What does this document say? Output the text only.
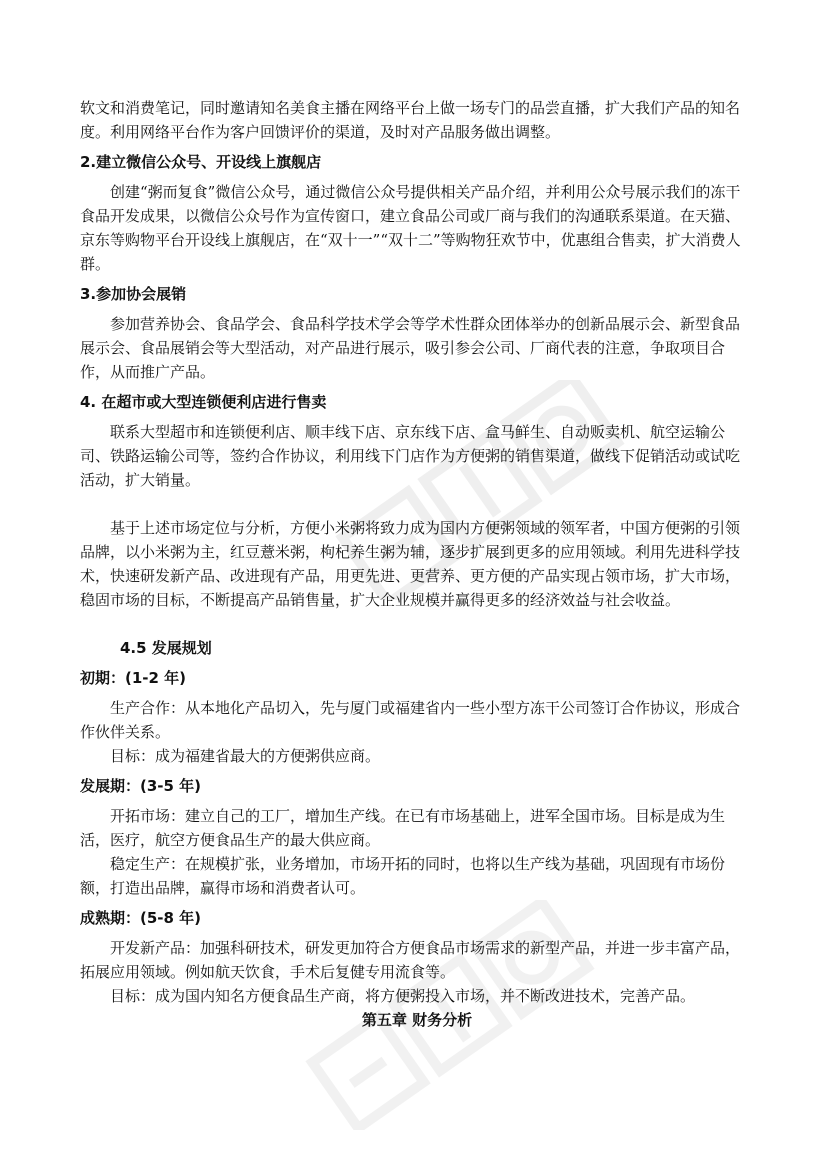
软文和消费笔记，同时邀请知名美食主播在网络平台上做一场专门的品尝直播，扩大我们产品的知名度。利用网络平台作为客户回馈评价的渠道，及时对产品服务做出调整。

2.建立微信公众号、开设线上旗舰店

创建“粥而复食”微信公众号，通过微信公众号提供相关产品介绍，并利用公众号展示我们的冻干食品开发成果，以微信公众号作为宣传窗口，建立食品公司或厂商与我们的沟通联系渠道。在天猫、京东等购物平台开设线上旗舰店，在“双十一”“双十二”等购物狂欢节中，优惠组合售卖，扩大消费人群。

3.参加协会展销

参加营养协会、食品学会、食品科学技术学会等学术性群众团体举办的创新品展示会、新型食品展示会、食品展销会等大型活动，对产品进行展示，吸引参会公司、厂商代表的注意，争取项目合作，从而推广产品。

4. 在超市或大型连锁便利店进行售卖

联系大型超市和连锁便利店、顺丰线下店、京东线下店、盒马鲜生、自动贩卖机、航空运输公司、铁路运输公司等，签约合作协议，利用线下门店作为方便粥的销售渠道，做线下促销活动或试吃活动，扩大销量。

基于上述市场定位与分析，方便小米粥将致力成为国内方便粥领域的领军者，中国方便粥的引领品牌，以小米粥为主，红豆薏米粥，枸杞养生粥为辅，逐步扩展到更多的应用领域。利用先进科学技术，快速研发新产品、改进现有产品，用更先进、更营养、更方便的产品实现占领市场，扩大市场，稳固市场的目标，不断提高产品销售量，扩大企业规模并赢得更多的经济效益与社会收益。

4.5 发展规划

初期：(1-2 年)

生产合作：从本地化产品切入，先与厦门或福建省内一些小型方冻干公司签订合作协议，形成合作伙伴关系。

目标：成为福建省最大的方便粥供应商。

发展期：(3-5 年)

开拓市场：建立自己的工厂，增加生产线。在已有市场基础上，进军全国市场。目标是成为生活，医疗，航空方便食品生产的最大供应商。

稳定生产：在规模扩张，业务增加，市场开拓的同时，也将以生产线为基础，巩固现有市场份额，打造出品牌，赢得市场和消费者认可。

成熟期：(5-8 年)

开发新产品：加强科研技术，研发更加符合方便食品市场需求的新型产品，并进一步丰富产品，拓展应用领域。例如航天饮食，手术后复健专用流食等。

目标：成为国内知名方便食品生产商，将方便粥投入市场，并不断改进技术，完善产品。

第五章 财务分析
